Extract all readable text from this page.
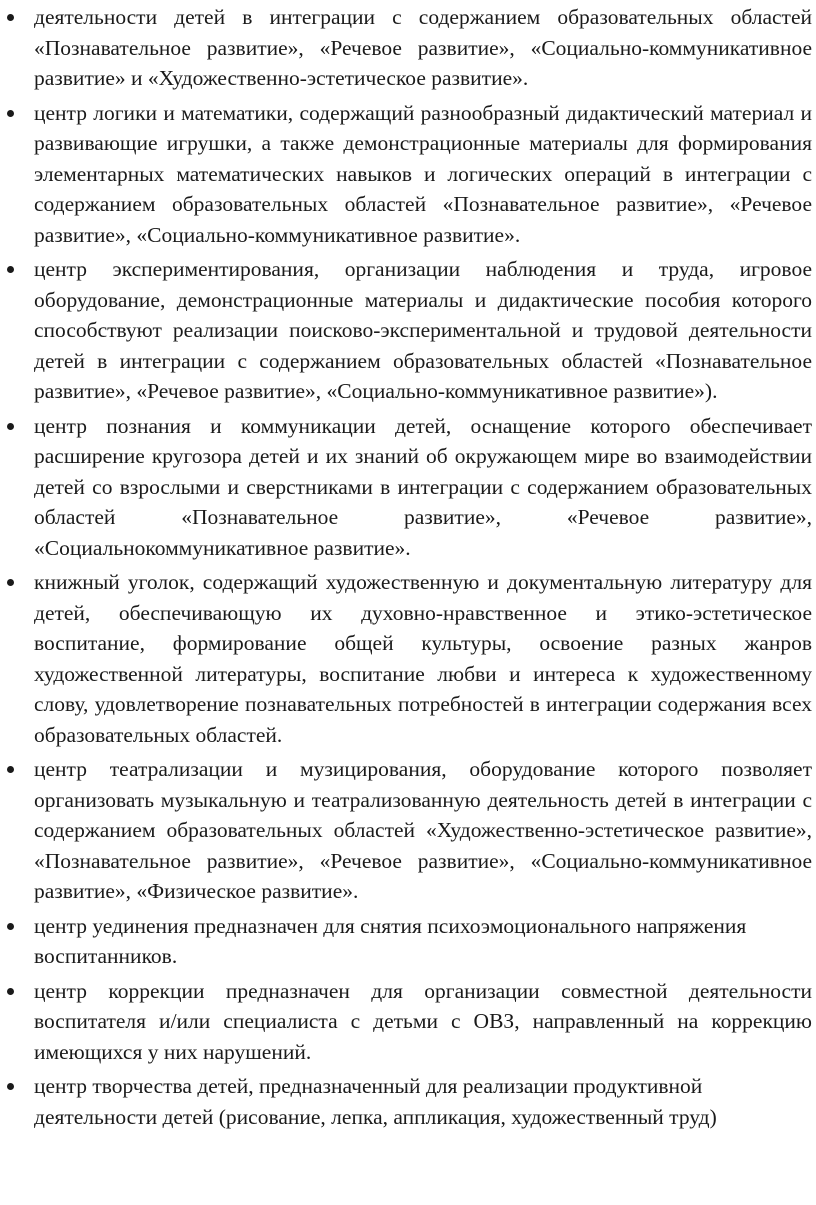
деятельности детей в интеграции с содержанием образовательных областей «Познавательное развитие», «Речевое развитие», «Социально-коммуникативное развитие» и «Художественно-эстетическое развитие».
центр логики и математики, содержащий разнообразный дидактический материал и развивающие игрушки, а также демонстрационные материалы для формирования элементарных математических навыков и логических операций в интеграции с содержанием образовательных областей «Познавательное развитие», «Речевое развитие», «Социально-коммуникативное развитие».
центр экспериментирования, организации наблюдения и труда, игровое оборудование, демонстрационные материалы и дидактические пособия которого способствуют реализации поисково-экспериментальной и трудовой деятельности детей в интеграции с содержанием образовательных областей «Познавательное развитие», «Речевое развитие», «Социально-коммуникативное развитие»).
центр познания и коммуникации детей, оснащение которого обеспечивает расширение кругозора детей и их знаний об окружающем мире во взаимодействии детей со взрослыми и сверстниками в интеграции с содержанием образовательных областей «Познавательное развитие», «Речевое развитие», «Социальнокоммуникативное развитие».
книжный уголок, содержащий художественную и документальную литературу для детей, обеспечивающую их духовно-нравственное и этико-эстетическое воспитание, формирование общей культуры, освоение разных жанров художественной литературы, воспитание любви и интереса к художественному слову, удовлетворение познавательных потребностей в интеграции содержания всех образовательных областей.
центр театрализации и музицирования, оборудование которого позволяет организовать музыкальную и театрализованную деятельность детей в интеграции с содержанием образовательных областей «Художественно-эстетическое развитие», «Познавательное развитие», «Речевое развитие», «Социально-коммуникативное развитие», «Физическое развитие».
центр уединения предназначен для снятия психоэмоционального напряжения воспитанников.
центр коррекции предназначен для организации совместной деятельности воспитателя и/или специалиста с детьми с ОВЗ, направленный на коррекцию имеющихся у них нарушений.
центр творчества детей, предназначенный для реализации продуктивной деятельности детей (рисование, лепка, аппликация, художественный труд)
